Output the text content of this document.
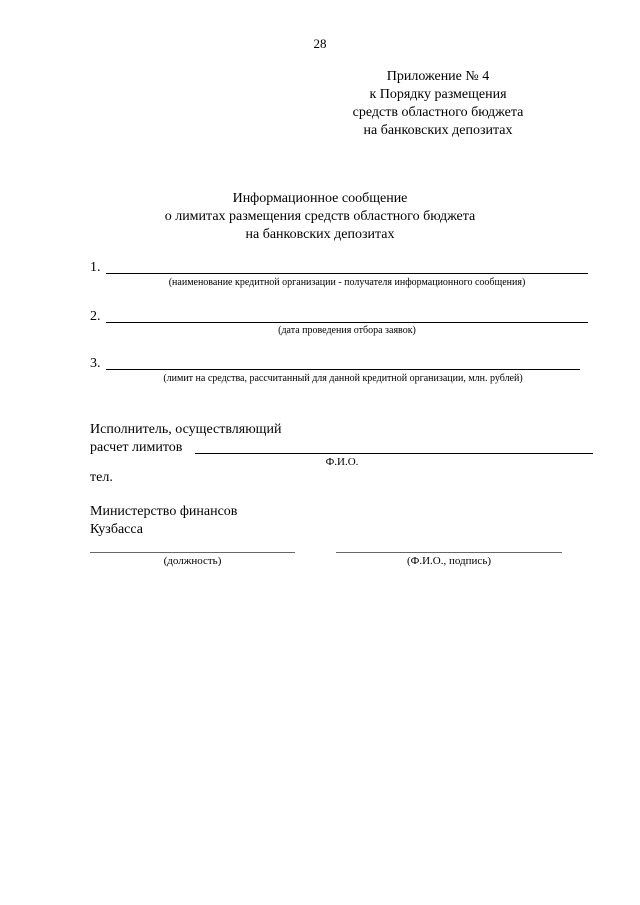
28
Приложение № 4
к Порядку размещения
средств областного бюджета
на банковских депозитах
Информационное сообщение
о лимитах размещения средств областного бюджета
на банковских депозитах
1.
(наименование кредитной организации - получателя информационного сообщения)
2.
(дата проведения отбора заявок)
3.
(лимит на средства, рассчитанный для данной кредитной организации, млн. рублей)
Исполнитель, осуществляющий
расчет лимитов
Ф.И.О.
тел.
Министерство финансов
Кузбасса
(должность)	(Ф.И.О., подпись)
